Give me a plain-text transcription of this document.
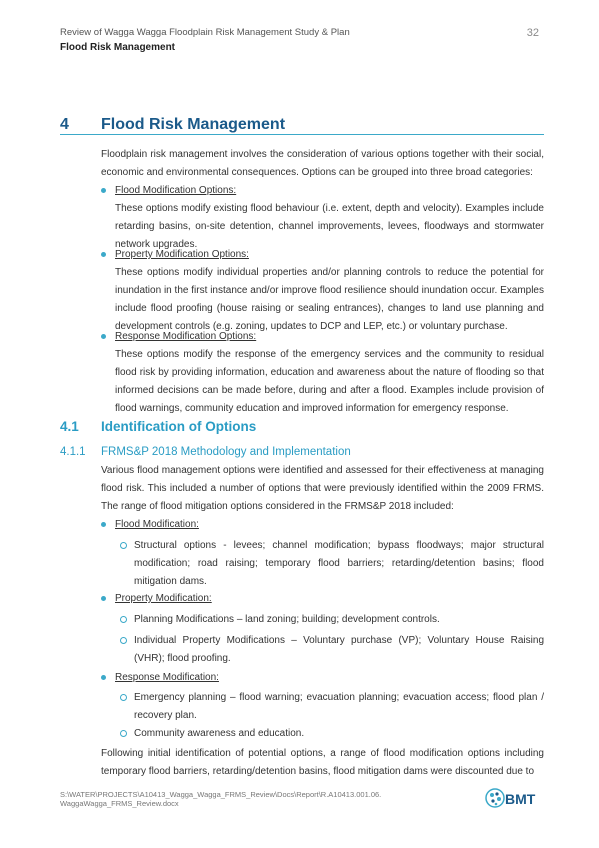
Review of Wagga Wagga Floodplain Risk Management Study & Plan
Flood Risk Management
32
4 Flood Risk Management
Floodplain risk management involves the consideration of various options together with their social, economic and environmental consequences. Options can be grouped into three broad categories:
Flood Modification Options:
These options modify existing flood behaviour (i.e. extent, depth and velocity). Examples include retarding basins, on-site detention, channel improvements, levees, floodways and stormwater network upgrades.
Property Modification Options:
These options modify individual properties and/or planning controls to reduce the potential for inundation in the first instance and/or improve flood resilience should inundation occur. Examples include flood proofing (house raising or sealing entrances), changes to land use planning and development controls (e.g. zoning, updates to DCP and LEP, etc.) or voluntary purchase.
Response Modification Options:
These options modify the response of the emergency services and the community to residual flood risk by providing information, education and awareness about the nature of flooding so that informed decisions can be made before, during and after a flood. Examples include provision of flood warnings, community education and improved information for emergency response.
4.1 Identification of Options
4.1.1 FRMS&P 2018 Methodology and Implementation
Various flood management options were identified and assessed for their effectiveness at managing flood risk. This included a number of options that were previously identified within the 2009 FRMS. The range of flood mitigation options considered in the FRMS&P 2018 included:
Flood Modification:
Structural options - levees; channel modification; bypass floodways; major structural modification; road raising; temporary flood barriers; retarding/detention basins; flood mitigation dams.
Property Modification:
Planning Modifications – land zoning; building; development controls.
Individual Property Modifications – Voluntary purchase (VP); Voluntary House Raising (VHR); flood proofing.
Response Modification:
Emergency planning – flood warning; evacuation planning; evacuation access; flood plan / recovery plan.
Community awareness and education.
Following initial identification of potential options, a range of flood modification options including temporary flood barriers, retarding/detention basins, flood mitigation dams were discounted due to
S:\WATER\PROJECTS\A10413_Wagga_Wagga_FRMS_Review\Docs\Report\R.A10413.001.06.
WaggaWagga_FRMS_Review.docx	BMT
